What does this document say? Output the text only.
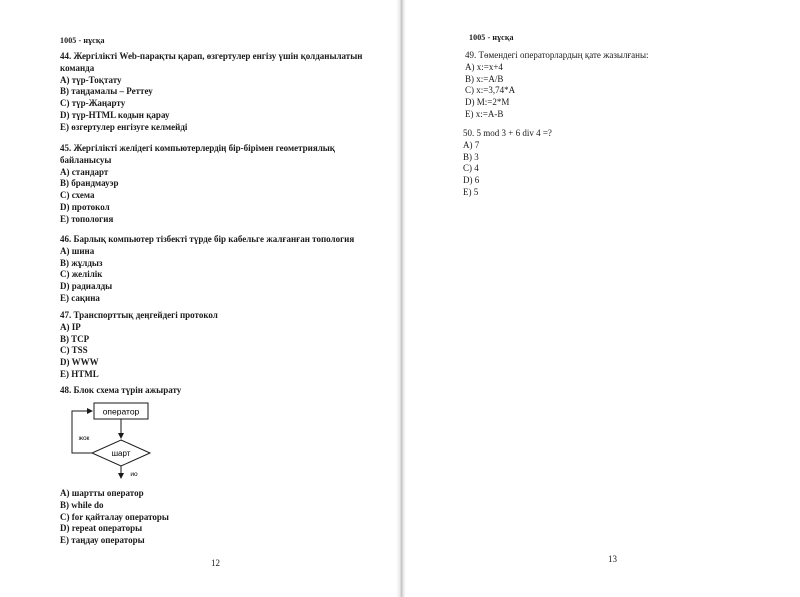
1005 - нұсқа	1005 - нұсқа
44. Жергілікті Web-парақты қарап, өзгертулер енгізу үшін қолданылатын
команда
A) түр-Тоқтату
B) таңдамалы – Реттеу
C) түр-Жаңарту
D) түр-HTML кодын қарау
E) өзгертулер енгізуге келмейді
45. Жергілікті желідегі компьютерлердің бір-бірімен геометриялық
байланысуы
A) стандарт
B) брандмауэр
C) схема
D) протокол
E) топология
46. Барлық компьютер тізбекті түрде бір кабельге жалғанған топология
A) шина
B) жұлдыз
C) желілік
D) радиалды
E) сақина
47. Транспорттық деңгейдегі протокол
A) IP
B) TCP
C) TSS
D) WWW
E) HTML
48. Блок схема түрін ажырату
оператор
шарт
жок
ио
A) шартты оператор
B) while do
C) for қайталау операторы
D) repeat операторы
E) таңдау операторы
12
49. Төмендегі операторлардың қате жазылғаны:
A) x:=x+4
B) x:=A/B
C) x:=3,74*A
D) M:=2*M
E) x:=A-B
50. 5 mod 3 + 6 div 4 =?
A) 7
B) 3
C) 4
D) 6
E) 5
13
